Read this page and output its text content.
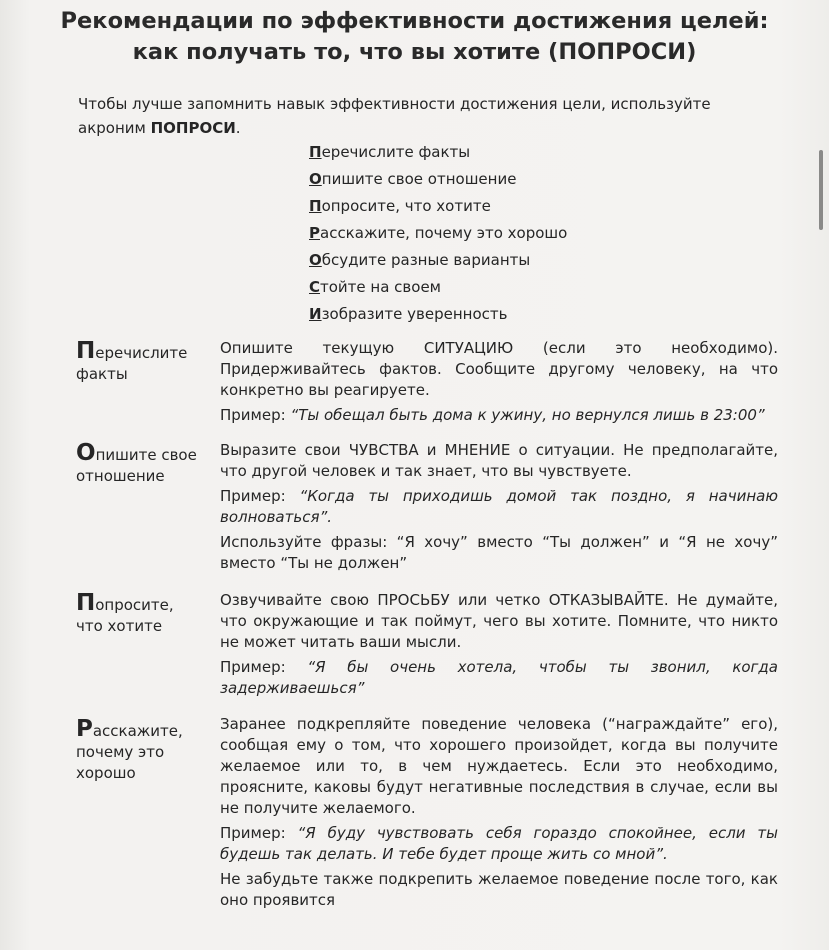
Рекомендации по эффективности достижения целей:
как получать то, что вы хотите (ПОПРОСИ)
Чтобы лучше запомнить навык эффективности достижения цели, используйте акроним ПОПРОСИ.
Перечислите факты
Опишите свое отношение
Попросите, что хотите
Расскажите, почему это хорошо
Обсудите разные варианты
Стойте на своем
Изобразите уверенность
Перечислите
факты

Опишите текущую СИТУАЦИЮ (если это необходимо). Придерживайтесь фактов. Сообщите другому человеку, на что конкретно вы реагируете.

Пример: “Ты обещал быть дома к ужину, но вернулся лишь в 23:00”

Опишите свое
отношение

Выразите свои ЧУВСТВА и МНЕНИЕ о ситуации. Не предполагайте, что другой человек и так знает, что вы чувствуете.

Пример: “Когда ты приходишь домой так поздно, я начинаю волноваться”.

Используйте фразы: “Я хочу” вместо “Ты должен” и “Я не хочу” вместо “Ты не должен”

Попросите,
что хотите

Озвучивайте свою ПРОСЬБУ или четко ОТКАЗЫВАЙТЕ. Не думайте, что окружающие и так поймут, чего вы хотите. Помните, что никто не может читать ваши мысли.

Пример: “Я бы очень хотела, чтобы ты звонил, когда задерживаешься”

Расскажите,
почему это
хорошо

Заранее подкрепляйте поведение человека (“награждайте” его), сообщая ему о том, что хорошего произойдет, когда вы получите желаемое или то, в чем нуждаетесь. Если это необходимо, проясните, каковы будут негативные последствия в случае, если вы не получите желаемого.

Пример: “Я буду чувствовать себя гораздо спокойнее, если ты будешь так делать. И тебе будет проще жить со мной”.

Не забудьте также подкрепить желаемое поведение после того, как оно проявится
